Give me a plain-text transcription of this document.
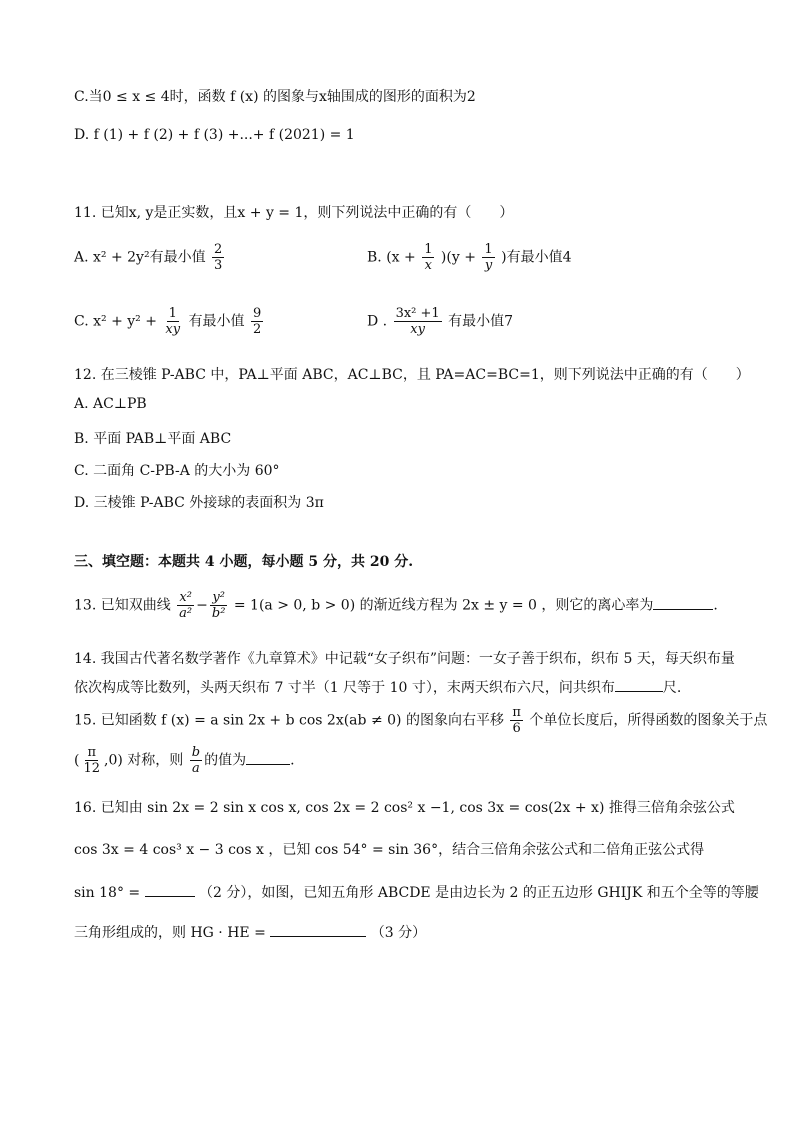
C.当0 ≤ x ≤ 4时，函数 f (x) 的图象与x轴围成的图形的面积为2
D. f (1) + f (2) + f (3) +...+ f (2021) = 1
11. 已知x, y是正实数，且x + y = 1，则下列说法中正确的有（　　）
A. x² + 2y²有最小值 $\frac{2}{3}$	B. $(x + \frac{1}{x} )(y + \frac{1}{y}$ )有最小值4
C. $x^2 + y^2 + \frac{1}{xy}$ 有最小值 $\frac{9}{2}$	D . $\frac{\text{3x² +1}}{xy}$ 有最小值7
12. 在三棱锥 P-ABC 中，PA⊥平面 ABC，AC⊥BC，且 PA=AC=BC=1，则下列说法中正确的有（　　）
A. AC⊥PB
B. 平面 PAB⊥平面 ABC
C. 二面角 C-PB-A 的大小为 60°
D. 三棱锥 P-ABC 外接球的表面积为 3π
三、填空题：本题共 4 小题，每小题 5 分，共 20 分.
13. 已知双曲线 $\frac{\text{x²}}{\text{a²}} - \frac{\text{y²}}{\text{b²}} = 1(a > 0$, b > 0) 的渐近线方程为 2x ± y = 0 ，则它的离心率为	.
14. 我国古代著名数学著作《九章算术》中记载“女子织布”问题：一女子善于织布，织布 5 天，每天织布量
依次构成等比数列，头两天织布 7 寸半（1 尺等于 10 寸），末两天织布六尺，问共织布	尺.
15. 已知函数 f (x) = a sin 2x + b cos 2x(ab ≠ 0) 的图象向右平移 $\frac{\pi}{6}$ 个单位长度后，所得函数的图象关于点
( $\frac{\pi}{12} ,0$) 对称，则 $\frac{b}{a}$ 的值为	.
16. 已知由 sin 2x = 2 sin x cos x, cos 2x = 2 cos² x −1, cos 3x = cos(2x + x) 推得三倍角余弦公式
cos 3x = 4 cos³ x − 3 cos x ，已知 cos 54° = sin 36°，结合三倍角余弦公式和二倍角正弦公式得
sin 18° =	（2 分），如图，已知五角形 ABCDE 是由边长为 2 的正五边形 GHIJK 和五个全等的等腰
三角形组成的，则 HG · HE =	（3 分）
